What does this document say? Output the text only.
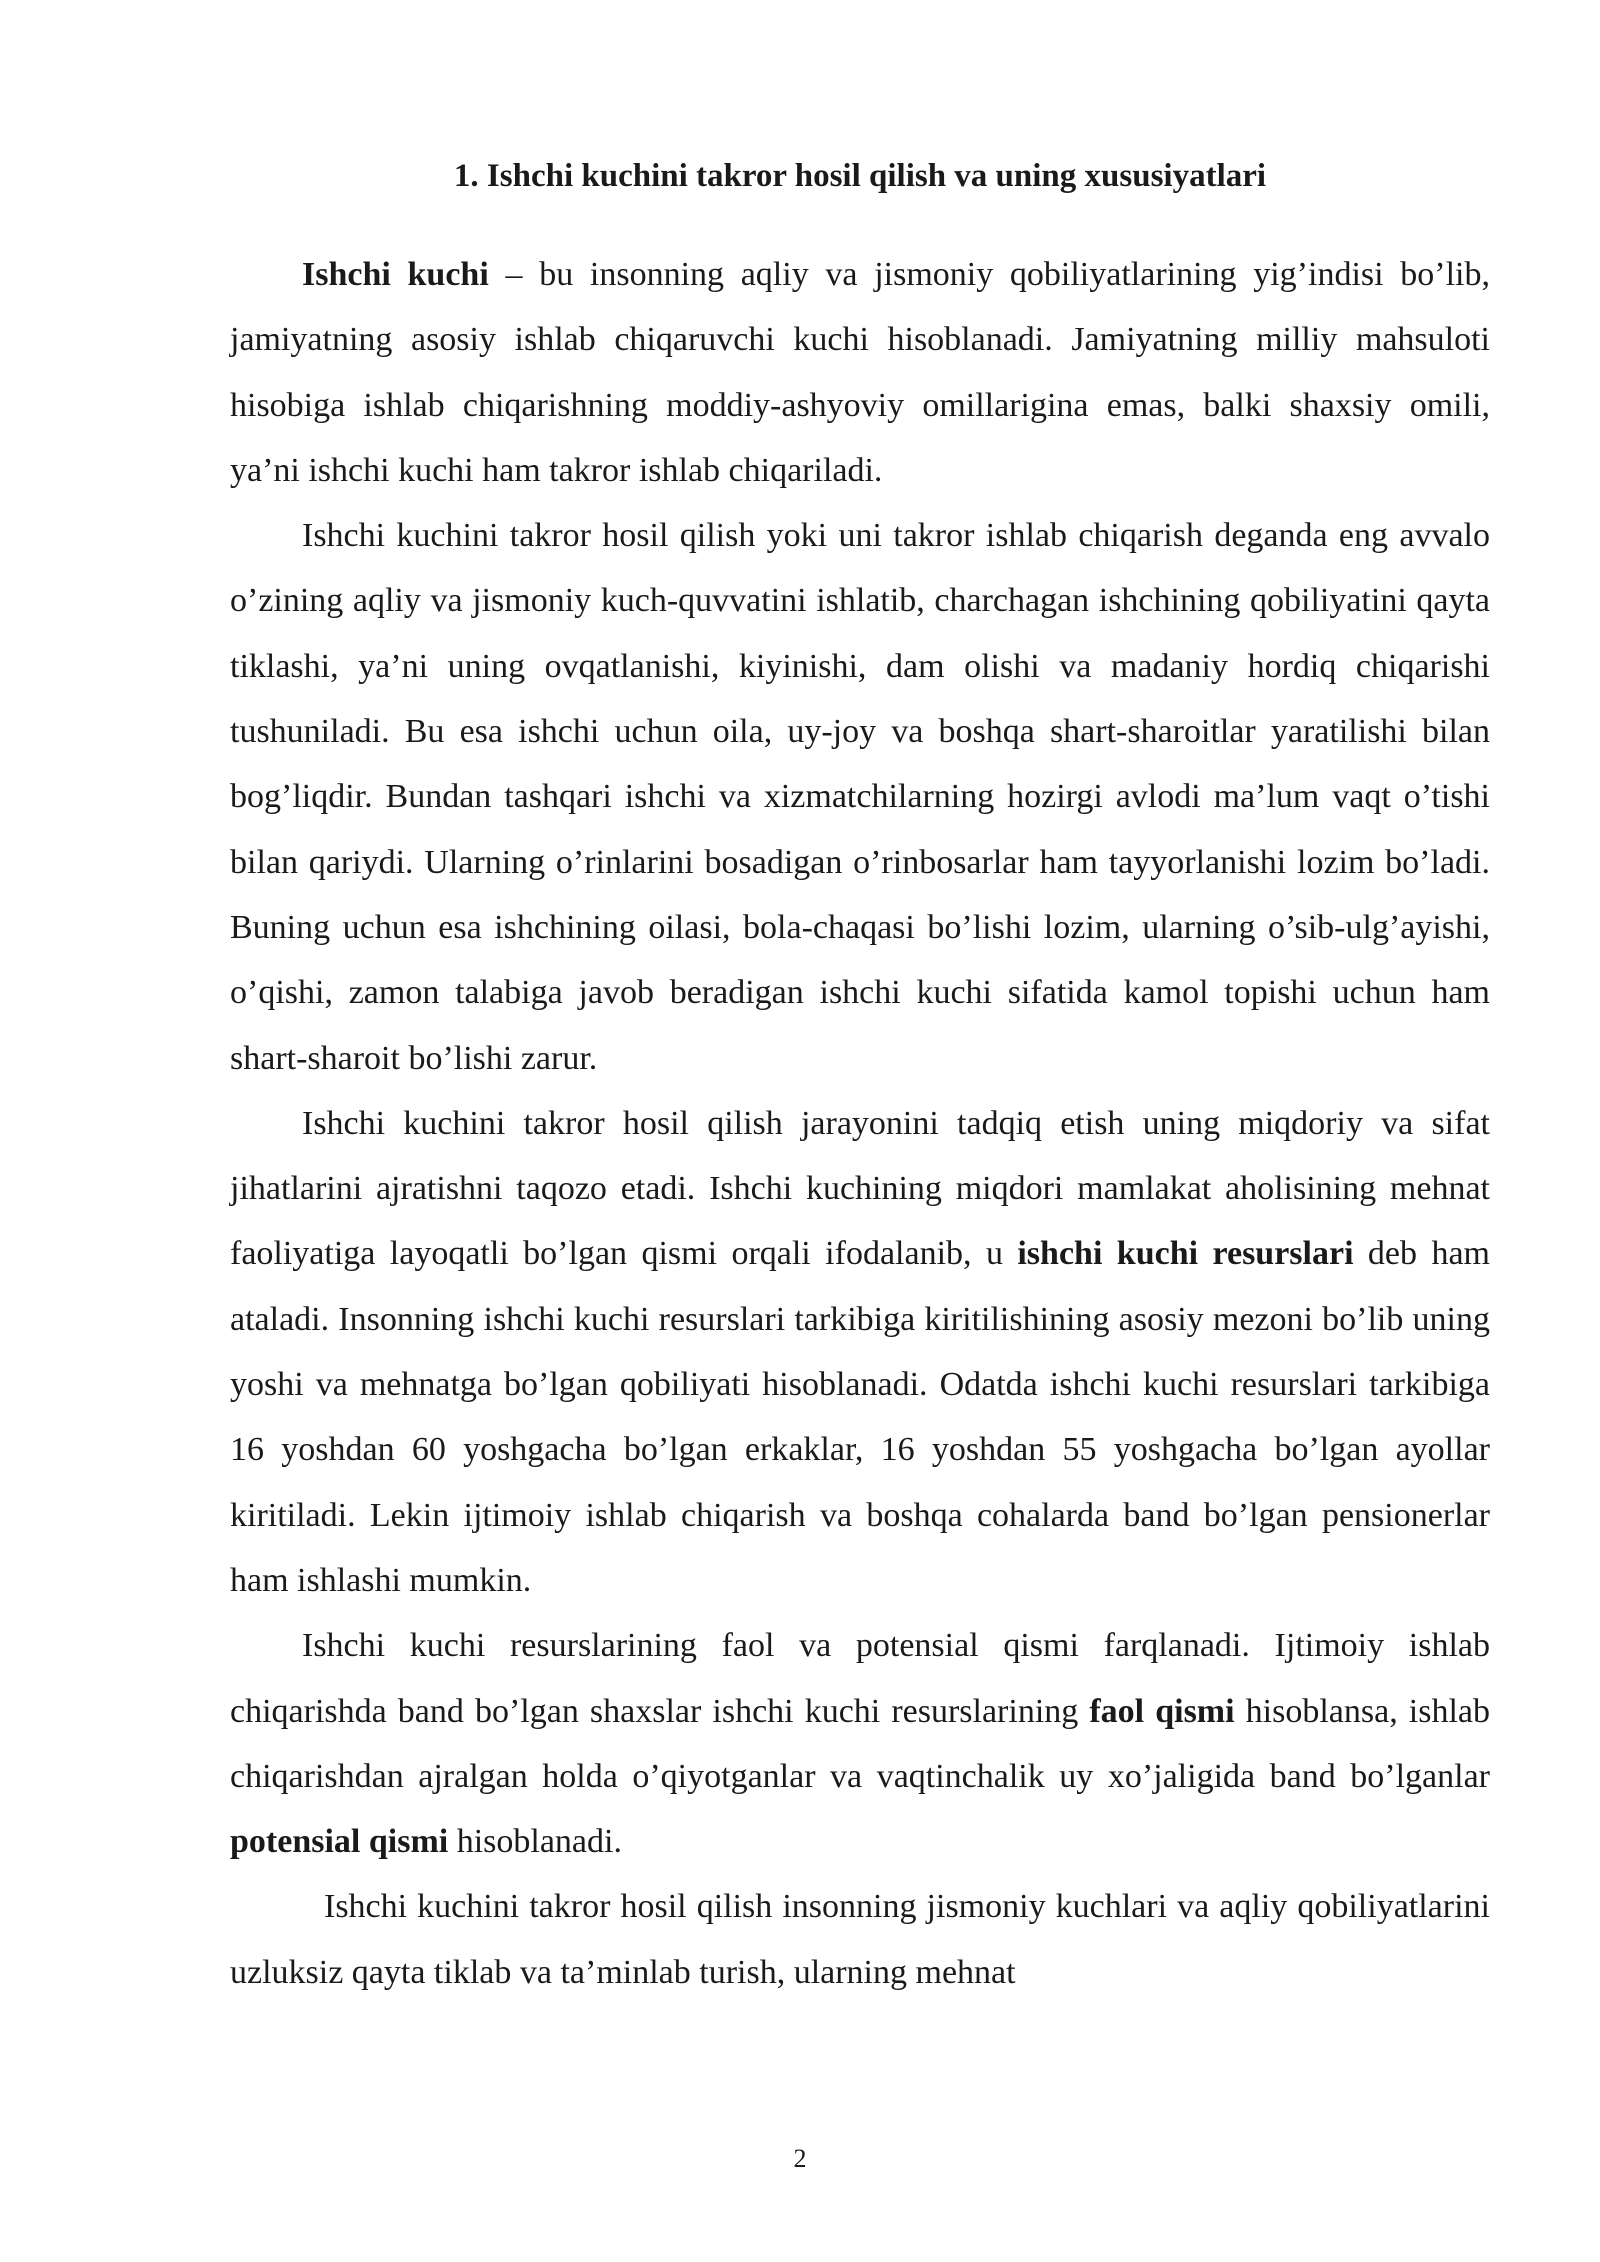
1. Ishchi kuchini takror hosil qilish va uning xususiyatlari

Ishchi kuchi – bu insonning aqliy va jismoniy qobiliyatlarining yig’indisi bo’lib, jamiyatning asosiy ishlab chiqaruvchi kuchi hisoblanadi. Jamiyatning milliy mahsuloti hisobiga ishlab chiqarishning moddiy-ashyoviy omillarigina emas, balki shaxsiy omili, ya’ni ishchi kuchi ham takror ishlab chiqariladi.

Ishchi kuchini takror hosil qilish yoki uni takror ishlab chiqarish deganda eng avvalo o’zining aqliy va jismoniy kuch-quvvatini ishlatib, charchagan ishchining qobiliyatini qayta tiklashi, ya’ni uning ovqatlanishi, kiyinishi, dam olishi va madaniy hordiq chiqarishi tushuniladi. Bu esa ishchi uchun oila, uy-joy va boshqa shart-sharoitlar yaratilishi bilan bog’liqdir. Bundan tashqari ishchi va xizmatchilarning hozirgi avlodi ma’lum vaqt o’tishi bilan qariydi. Ularning o’rinlarini bosadigan o’rinbosarlar ham tayyorlanishi lozim bo’ladi. Buning uchun esa ishchining oilasi, bola-chaqasi bo’lishi lozim, ularning o’sib-ulg’ayishi, o’qishi, zamon talabiga javob beradigan ishchi kuchi sifatida kamol topishi uchun ham shart-sharoit bo’lishi zarur.

Ishchi kuchini takror hosil qilish jarayonini tadqiq etish uning miqdoriy va sifat jihatlarini ajratishni taqozo etadi. Ishchi kuchining miqdori mamlakat aholisining mehnat faoliyatiga layoqatli bo’lgan qismi orqali ifodalanib, u ishchi kuchi resurslari deb ham ataladi. Insonning ishchi kuchi resurslari tarkibiga kiritilishining asosiy mezoni bo’lib uning yoshi va mehnatga bo’lgan qobiliyati hisoblanadi. Odatda ishchi kuchi resurslari tarkibiga 16 yoshdan 60 yoshgacha bo’lgan erkaklar, 16 yoshdan 55 yoshgacha bo’lgan ayollar kiritiladi. Lekin ijtimoiy ishlab chiqarish va boshqa cohalarda band bo’lgan pensionerlar ham ishlashi mumkin.

Ishchi kuchi resurslarining faol va potensial qismi farqlanadi. Ijtimoiy ishlab chiqarishda band bo’lgan shaxslar ishchi kuchi resurslarining faol qismi hisoblansa, ishlab chiqarishdan ajralgan holda o’qiyotganlar va vaqtinchalik uy xo’jaligida band bo’lganlar potensial qismi hisoblanadi.

Ishchi kuchini takror hosil qilish insonning jismoniy kuchlari va aqliy qobiliyatlarini uzluksiz qayta tiklab va ta’minlab turish, ularning mehnat

2
